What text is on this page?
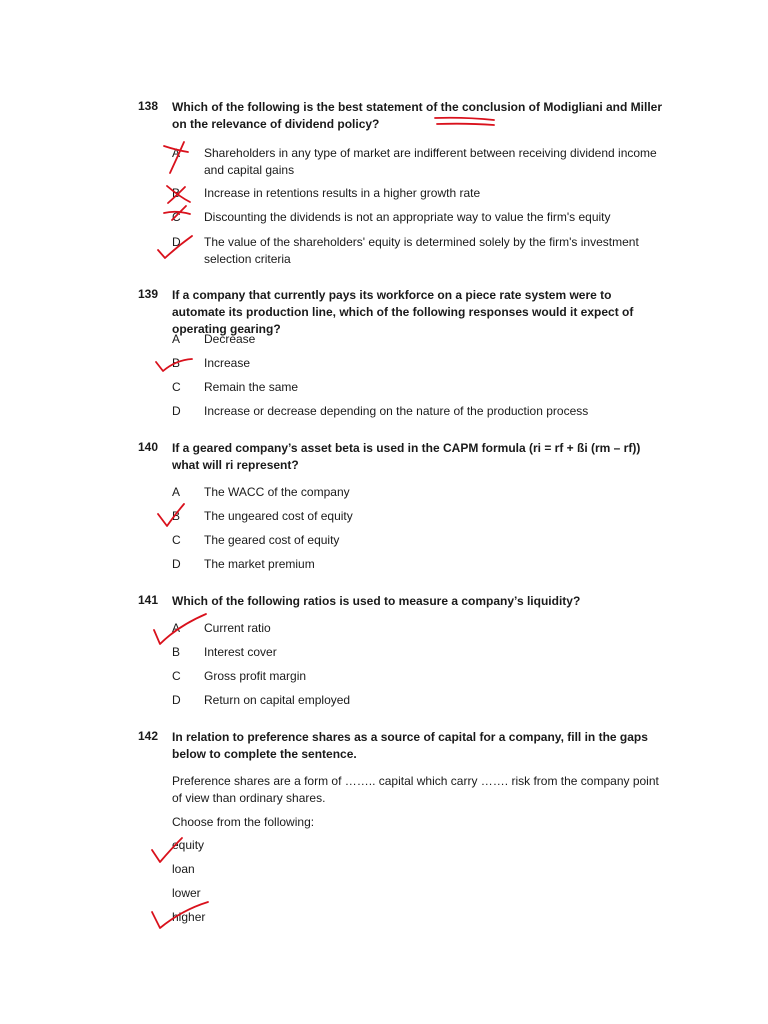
138 Which of the following is the best statement of the conclusion of Modigliani and Miller on the relevance of dividend policy?
A	Shareholders in any type of market are indifferent between receiving dividend income and capital gains
B	Increase in retentions results in a higher growth rate
C	Discounting the dividends is not an appropriate way to value the firm's equity
D	The value of the shareholders' equity is determined solely by the firm's investment selection criteria
139 If a company that currently pays its workforce on a piece rate system were to automate its production line, which of the following responses would it expect of operating gearing?
A	Decrease
B	Increase
C	Remain the same
D	Increase or decrease depending on the nature of the production process
140 If a geared company’s asset beta is used in the CAPM formula (ri = rf + ßi (rm – rf)) what will ri represent?
A	The WACC of the company
B	The ungeared cost of equity
C	The geared cost of equity
D	The market premium
141 Which of the following ratios is used to measure a company’s liquidity?
A	Current ratio
B	Interest cover
C	Gross profit margin
D	Return on capital employed
142 In relation to preference shares as a source of capital for a company, fill in the gaps below to complete the sentence.
Preference shares are a form of …….. capital which carry ……. risk from the company point of view than ordinary shares.
Choose from the following:
equity
loan
lower
higher
